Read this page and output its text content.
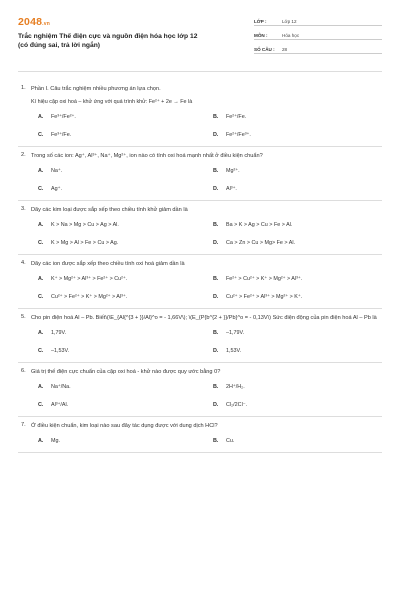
2048.vn
Trắc nghiệm Thế điện cực và nguồn điện hóa học lớp 12
(có đúng sai, trả lời ngắn)
LỚP :	Lớp 12
MÔN :	Hóa học
SỐ CÂU :	28
1. Phần I. Câu trắc nghiệm nhiều phương án lựa chọn.
Kí hiệu cặp oxi hoá – khử ứng với quá trình khử: Fe²⁺ + 2e → Fe là
A.	Fe³⁺/Fe²⁺.	B.	Fe²⁺/Fe.
C.	Fe³⁺/Fe.	D.	Fe²⁺/Fe³⁺.
2. Trong số các ion: Ag⁺, Al³⁺, Na⁺, Mg²⁺, ion nào có tính oxi hoá mạnh nhất ở điều kiện chuẩn?
A.	Na⁺.	B.	Mg²⁺.
C.	Ag⁺.	D.	Al³⁺.
3. Dãy các kim loại được sắp xếp theo chiều tính khử giảm dần là
A.	K > Na > Mg > Cu > Ag > Al.	B.	Ba > K > Ag > Cu > Fe > Al.
C.	K > Mg > Al > Fe > Cu > Ag.	D.	Ca > Zn > Cu > Mg> Fe > Al.
4. Dãy các ion được sắp xếp theo chiều tính oxi hoá giảm dần là
A.	K⁺ > Mg²⁺ > Al³⁺ > Fe²⁺ > Cu²⁺.	B.	Fe²⁺ > Cu²⁺ > K⁺ > Mg²⁺ > Al³⁺.
C.	Cu²⁺ > Fe²⁺ > K⁺ > Mg²⁺ > Al³⁺.	D.	Cu²⁺ > Fe²⁺ > Al³⁺ > Mg²⁺ > K⁺.
5. Cho pin điện hoá Al – Pb. Biết\(\E_{Al{^{3 + }}/Al}^o = - 1,66V\); \(E_{P{b^{2 + }}/Pb}^o = - 0,13V\) Sức điện động của pin điện hoá Al – Pb là
A.	1,79V.	B.	–1,79V.
C.	–1,53V.	D.	1,53V.
6. Giá trị thế điện cực chuẩn của cặp oxi hoá - khử nào được quy ước bằng 0?
A.	Na⁺/Na.	B.	2H⁺/H₂.
C.	Al³⁺/Al.	D.	Cl₂/2Cl⁻.
7. Ở điều kiện chuẩn, kim loại nào sau đây tác dụng được với dung dịch HCl?
A.	Mg.	B.	Cu.
